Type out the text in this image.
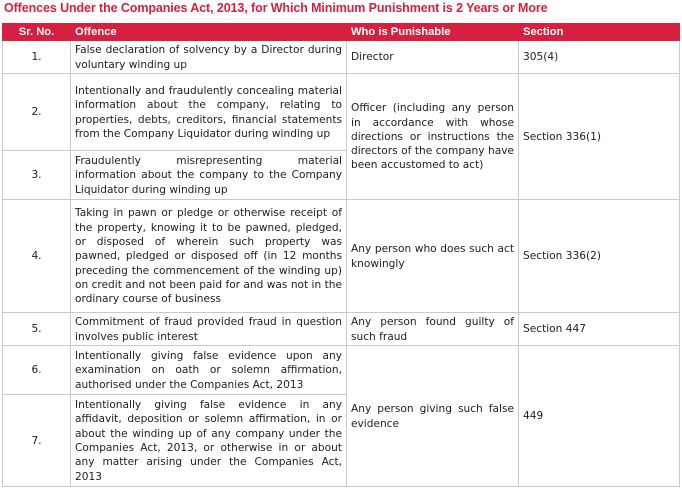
Offences Under the Companies Act, 2013, for Which Minimum Punishment is 2 Years or More
Sr. No.	Offence	Who is Punishable	Section
1.	False declaration of solvency by a Director during voluntary winding up	Director	305(4)
2.	Intentionally and fraudulently concealing material information about the company, relating to properties, debts, creditors, financial statements from the Company Liquidator during winding up	Officer (including any person in accordance with whose directions or instructions the directors of the company have been accustomed to act)	Section 336(1)
3.	Fraudulently misrepresenting material information about the company to the Company Liquidator during winding up		
4.	Taking in pawn or pledge or otherwise receipt of the property, knowing it to be pawned, pledged, or disposed of wherein such property was pawned, pledged or disposed off (in 12 months preceding the commencement of the winding up) on credit and not been paid for and was not in the ordinary course of business	Any person who does such act knowingly	Section 336(2)
5.	Commitment of fraud provided fraud in question involves public interest	Any person found guilty of such fraud	Section 447
6.	Intentionally giving false evidence upon any examination on oath or solemn affirmation, authorised under the Companies Act, 2013	Any person giving such false evidence	449
7.	Intentionally giving false evidence in any affidavit, deposition or solemn affirmation, in or about the winding up of any company under the Companies Act, 2013, or otherwise in or about any matter arising under the Companies Act, 2013		
